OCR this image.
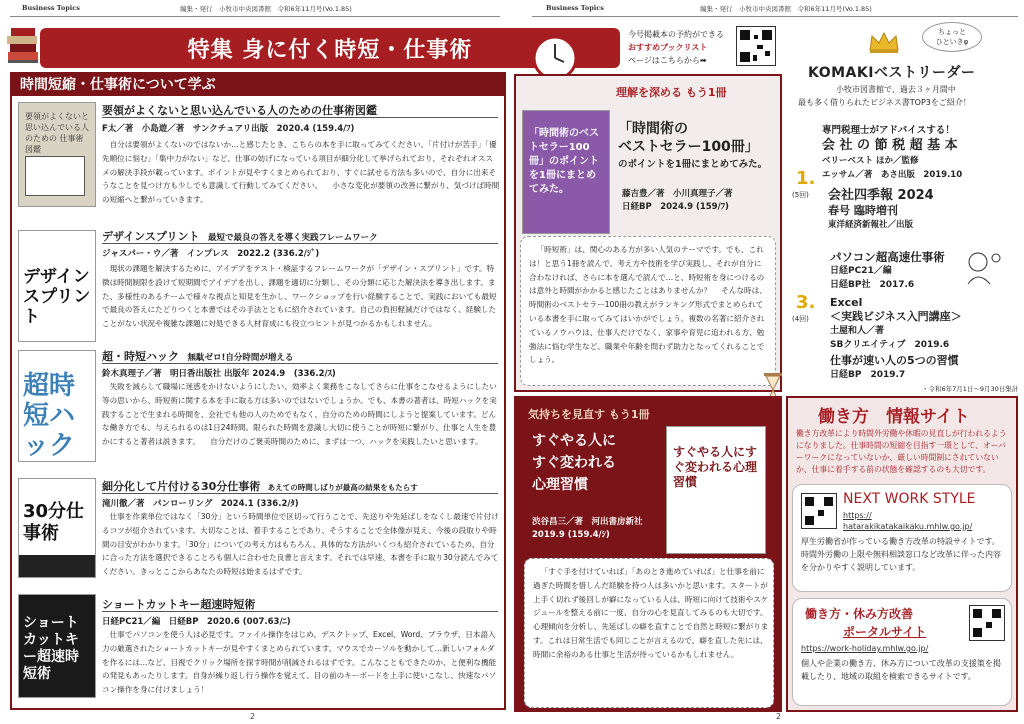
Business Topics	編集・発行　小牧市中央図書館　令和6年11月号(Vo.1.85)
特集 身に付く時短・仕事術
時間短縮・仕事術について学ぶ
要領がよくないと思い込んでいる人のための 仕事術図鑑
要領がよくないと思い込んでいる人のための仕事術図鑑
F太／著　小島遊／著　サンクチュアリ出版　2020.4 (159.4/ﾌ)
自分は要領がよくないのではないか…と感じたとき、こちらの本を手に取ってみてください。「片付けが苦手」「優先順位に悩む」「集中力がない」など、仕事の妨げになっている項目が細分化して挙げられており、それぞれオススメの解決手段が載っています。ポイントが見やすくまとめられており、すぐに試せる方法も多いので、自分に出来そうなことを見つけ方も少しでも意識して行動してみてください。 　小さな変化が要領の改善に繋がり、気づけば時間の短縮へと繋がっていきます。
デザインスプリント
デザインスプリント　最短で最良の答えを導く実践フレームワーク
ジャスパー・ウ／著　インプレス　2022.2 (336.2/ｼﾞ)
現状の課題を解決するために、アイデアをテスト・検証するフレームワークが「デザイン・スプリント」です。特徴は時間制限を設けて短期間でアイデアを出し、課題を適切に分類し、その分類に応じた解決法を導き出します。また、多様性のあるチームで様々な視点と知見を生かし、ワークショップを行い経験することで、実践においても最短で最良の答えにたどりつくと本書ではその手法とともに紹介されています。自己の負担軽減だけではなく、経験したことがない状況や複雑な課題に対処できる人材育成にも役立つヒントが見つかるかもしれません。
超時短ハック
超・時短ハック　無駄ゼロ!自分時間が増える
鈴木真理子／著　明日香出版社 出版年 2024.9　(336.2/ｽ)
失敗を減らして職場に迷惑をかけないようにしたい、効率よく業務をこなしてさらに仕事をこなせるようにしたい等の思いから、時短術に関する本を手に取る方は多いのではないでしょうか。でも、本書の著者は、時短ハックを実践することで生まれる時間を、会社でも他の人のためでもなく、自分のための時間にしようと提案しています。どんな働き方でも、与えられるのは1日24時間。限られた時間を意識し大切に使うことが時短に繋がり、仕事と人生を豊かにすると著者は説きます。 　自分だけのご褒美時間のために、まずは一つ、ハックを実践したいと思います。
30分仕事術
細分化して片付ける30分仕事術　あえての時間しばりが最高の結果をもたらす
滝川徹／著　パンローリング　2024.1 (336.2/ﾀ)
仕事を作業単位ではなく「30分」という時間単位で区切って行うことで、先送りや先延ばしをなくし最速で片付けるコツが紹介されています。大切なことは、着手することであり、そうすることで全体像が見え、今後の段取りや時間の目安がわかります。「30分」についての考え方はもちろん、具体的な方法がいくつも紹介されているため、自分に合った方法を選択できることろも個人に合わせた良書と言えます。それでは早速、本書を手に取り30分読んでみてください。きっとここからあなたの時短は始まるはずです。
ショートカットキー超速時短術
ショートカットキー超速時短術
日経PC21／編　日経BP　2020.6 (007.63/ﾆ)
仕事でパソコンを使う人は必見です。ファイル操作をはじめ、デスクトップ、Excel、Word、ブラウザ、日本語入力の厳選されたショートカットキーが見やすくまとめられています。マウスでカーソルを動かして…新しいフォルダを作るには…など、目視でクリック場所を探す時間が削減されるはずです。こんなこともできたのか、と便利な機能の発見もあったりします。自身が繰り返し行う操作を覚えて、目の前のキーボードを上手に使いこなし、快速なパソコン操作を身に付けましょう！
2
Business Topics	編集・発行　小牧市中央図書館　令和6年11月号(Vo.1.85)
今号掲載本の予約ができる
おすすめブックリスト
ページはこちらから➡
理解を深める もう1冊
「時間術のベストセラー100冊」のポイントを1冊にまとめてみた。
「時間術の
ベストセラー100冊」
のポイントを1冊にまとめてみた。
藤吉豊／著　小川真理子／著
日経BP　2024.9 (159/ﾌ)
「時短術」は、関心のある方が多い人気のテーマです。でも、これは！と思う1冊を読んで、考え方や技術を学び実践し、それが自分に合わなければ、さらに本を選んで読んで…と、時短術を身につけるのは意外と時間がかかると感じたことはありませんか？ 　そんな時は、時間術のベストセラー100冊の教えがランキング形式でまとめられている本書を手に取ってみてはいかがでしょう。複数の名著に紹介されているノウハウは、仕事人だけでなく、家事や育児に追われる方、勉強法に悩む学生など、職業や年齢を問わず助力となってくれることでしょう。
気持ちを見直す もう1冊
すぐやる人に
すぐ変われる
心理習慣
渋谷昌三／著　河出書房新社
2019.9 (159.4/ｼ)
すぐやる人にすぐ変われる心理習慣
「すぐ手を付けていれば」「あのとき進めていれば」と仕事を前に過ぎた時間を惜しんだ経験を持つ人は多いかと思います。スタートが上手く切れず後回しが癖になっている人は、時短に向けて技術やスケジュールを整える前に一度、自分の心を見直してみるのも大切です。心理傾向を分析し、先延ばしの癖を直すことで自然と時短に繋がります。これは日常生活でも同じことが言えるので、癖を直した先には、時間に余裕のある仕事と生活が待っているかもしれません。
ちょっと
ひといきφ
KOMAKIベストリーダー
小牧市図書館で、過去３ヶ月間中
最も多く借りられたビジネス書TOP3をご紹介！
1.
(5回)
専門税理士がアドバイスする！
会 社 の 節 税 超 基 本
ベリーベスト ほか／監修
エッサム／著　あさ出版　2019.10
会社四季報 2024
春号 臨時増刊
東洋経済新報社／出版
パソコン超高速仕事術
日経PC21／編
日経BP社　2017.6
3.
(4回)
Excel
＜実践ビジネス入門講座＞
土屋和人／著
SBクリエイティブ　2019.6
仕事が速い人の5つの習慣
日経BP　2019.7
・令和6年7月1日〜9月30日集計
働き方　情報サイト
働き方改革により時間外労働や休暇の見直しが行われるようになりました。仕事時間の短縮を目指す一環として、オーバーワークになっていないか、厳しい時間制にされていないか、仕事に着手する前の状態を確認するのも大切です。
NEXT WORK STYLE
https://
hatarakikatakaikaku.mhlw.go.jp/
厚生労働省が作っている働き方改革の特設サイトです。時間外労働の上限や無料相談窓口など改革に伴った内容を分かりやすく説明しています。
働き方・休み方改善
ポータルサイト
https://work-holiday.mhlw.go.jp/
個人や企業の働き方、休み方について改革の支援策を掲載したり、地域の取組を検索できるサイトです。
2
